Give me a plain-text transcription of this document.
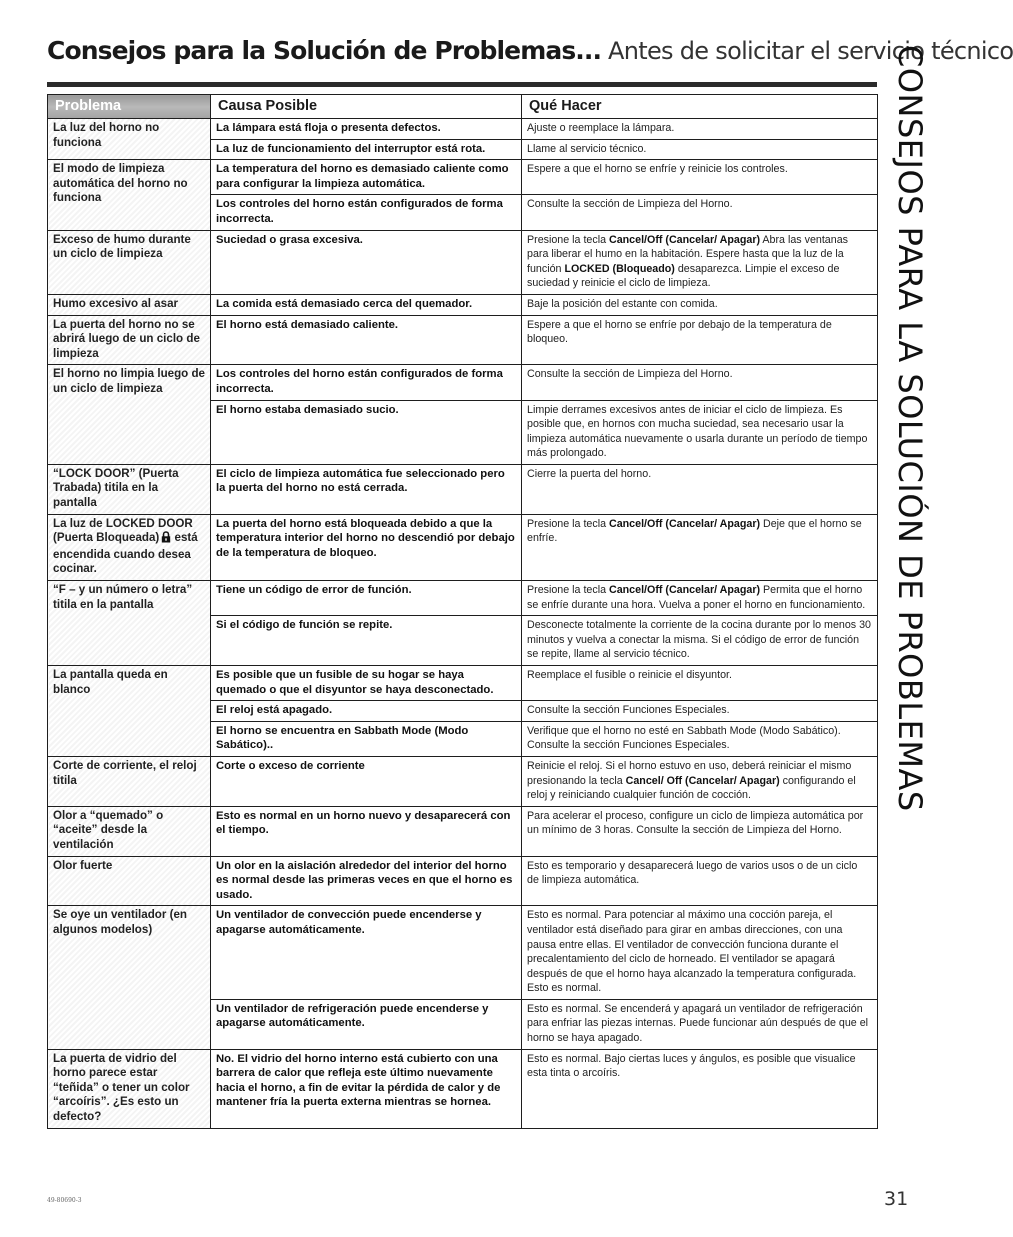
Consejos para la Solución de Problemas... Antes de solicitar el servicio técnico
CONSEJOS PARA LA SOLUCIÓN DE PROBLEMAS
Problema	Causa Posible	Qué Hacer
La luz del horno no funciona	La lámpara está floja o presenta defectos.	Ajuste o reemplace la lámpara.
	La luz de funcionamiento del interruptor está rota.	Llame al servicio técnico.
El modo de limpieza automática del horno no funciona	La temperatura del horno es demasiado caliente como para configurar la limpieza automática.	Espere a que el horno se enfríe y reinicie los controles.
	Los controles del horno están configurados de forma incorrecta.	Consulte la sección de Limpieza del Horno.
Exceso de humo durante un ciclo de limpieza	Suciedad o grasa excesiva.	Presione la tecla Cancel/Off (Cancelar/ Apagar) Abra las ventanas para liberar el humo en la habitación. Espere hasta que la luz de la función LOCKED (Bloqueado) desaparezca. Limpie el exceso de suciedad y reinicie el ciclo de limpieza.
Humo excesivo al asar	La comida está demasiado cerca del quemador.	Baje la posición del estante con comida.
La puerta del horno no se abrirá luego de un ciclo de limpieza	El horno está demasiado caliente.	Espere a que el horno se enfríe por debajo de la temperatura de bloqueo.
El horno no limpia luego de un ciclo de limpieza	Los controles del horno están configurados de forma incorrecta.	Consulte la sección de Limpieza del Horno.
	El horno estaba demasiado sucio.	Limpie derrames excesivos antes de iniciar el ciclo de limpieza. Es posible que, en hornos con mucha suciedad, sea necesario usar la limpieza automática nuevamente o usarla durante un período de tiempo más prolongado.
“LOCK DOOR” (Puerta Trabada) titila en la pantalla	El ciclo de limpieza automática fue seleccionado pero la puerta del horno no está cerrada.	Cierre la puerta del horno.
La luz de LOCKED DOOR (Puerta Bloqueada) está encendida cuando desea cocinar.	La puerta del horno está bloqueada debido a que la temperatura interior del horno no descendió por debajo de la temperatura de bloqueo.	Presione la tecla Cancel/Off (Cancelar/ Apagar) Deje que el horno se enfríe.
“F – y un número o letra” titila en la pantalla	Tiene un código de error de función.	Presione la tecla Cancel/Off (Cancelar/ Apagar) Permita que el horno se enfríe durante una hora. Vuelva a poner el horno en funcionamiento.
	Si el código de función se repite.	Desconecte totalmente la corriente de la cocina durante por lo menos 30 minutos y vuelva a conectar la misma. Si el código de error de función se repite, llame al servicio técnico.
La pantalla queda en blanco	Es posible que un fusible de su hogar se haya quemado o que el disyuntor se haya desconectado.	Reemplace el fusible o reinicie el disyuntor.
	El reloj está apagado.	Consulte la sección Funciones Especiales.
	El horno se encuentra en Sabbath Mode (Modo Sabático)..	Verifique que el horno no esté en Sabbath Mode (Modo Sabático). Consulte la sección Funciones Especiales.
Corte de corriente, el reloj titila	Corte o exceso de corriente	Reinicie el reloj. Si el horno estuvo en uso, deberá reiniciar el mismo presionando la tecla Cancel/ Off (Cancelar/ Apagar) configurando el reloj y reiniciando cualquier función de cocción.
Olor a “quemado” o “aceite” desde la ventilación	Esto es normal en un horno nuevo y desaparecerá con el tiempo.	Para acelerar el proceso, configure un ciclo de limpieza automática por un mínimo de 3 horas. Consulte la sección de Limpieza del Horno.
Olor fuerte	Un olor en la aislación alrededor del interior del horno es normal desde las primeras veces en que el horno es usado.	Esto es temporario y desaparecerá luego de varios usos o de un ciclo de limpieza automática.
Se oye un ventilador (en algunos modelos)	Un ventilador de convección puede encenderse y apagarse automáticamente.	Esto es normal. Para potenciar al máximo una cocción pareja, el ventilador está diseñado para girar en ambas direcciones, con una pausa entre ellas. El ventilador de convección funciona durante el precalentamiento del ciclo de horneado. El ventilador se apagará después de que el horno haya alcanzado la temperatura configurada. Esto es normal.
	Un ventilador de refrigeración puede encenderse y apagarse automáticamente.	Esto es normal. Se encenderá y apagará un ventilador de refrigeración para enfriar las piezas internas. Puede funcionar aún después de que el horno se haya apagado.
La puerta de vidrio del horno parece estar “teñida” o tener un color “arcoíris”. ¿Es esto un defecto?	No. El vidrio del horno interno está cubierto con una barrera de calor que refleja este último nuevamente hacia el horno, a fin de evitar la pérdida de calor y de mantener fría la puerta externa mientras se hornea.	Esto es normal. Bajo ciertas luces y ángulos, es posible que visualice esta tinta o arcoíris.
49-80690-3	31
